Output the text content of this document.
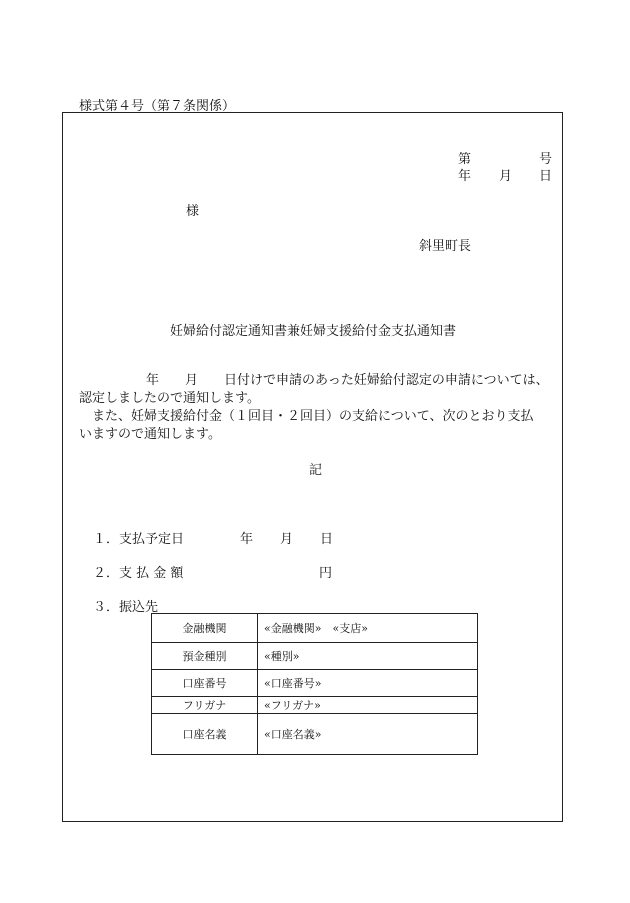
様式第４号（第７条関係）
第	号
年 月 日
様
斜里町長
妊婦給付認定通知書兼妊婦支援給付金支払通知書
年　　月　　日付けで申請のあった妊婦給付認定の申請については、
認定しましたので通知します。
また、妊婦支援給付金（１回目・２回目）の支給について、次のとおり支払
いますので通知します。
記
１．支払予定日	年 月 日
２．支 払 金 額	円
３．振込先
金融機関	«金融機関»　«支店»
預金種別	«種別»
口座番号	«口座番号»
フリガナ	«フリガナ»
口座名義	«口座名義»
